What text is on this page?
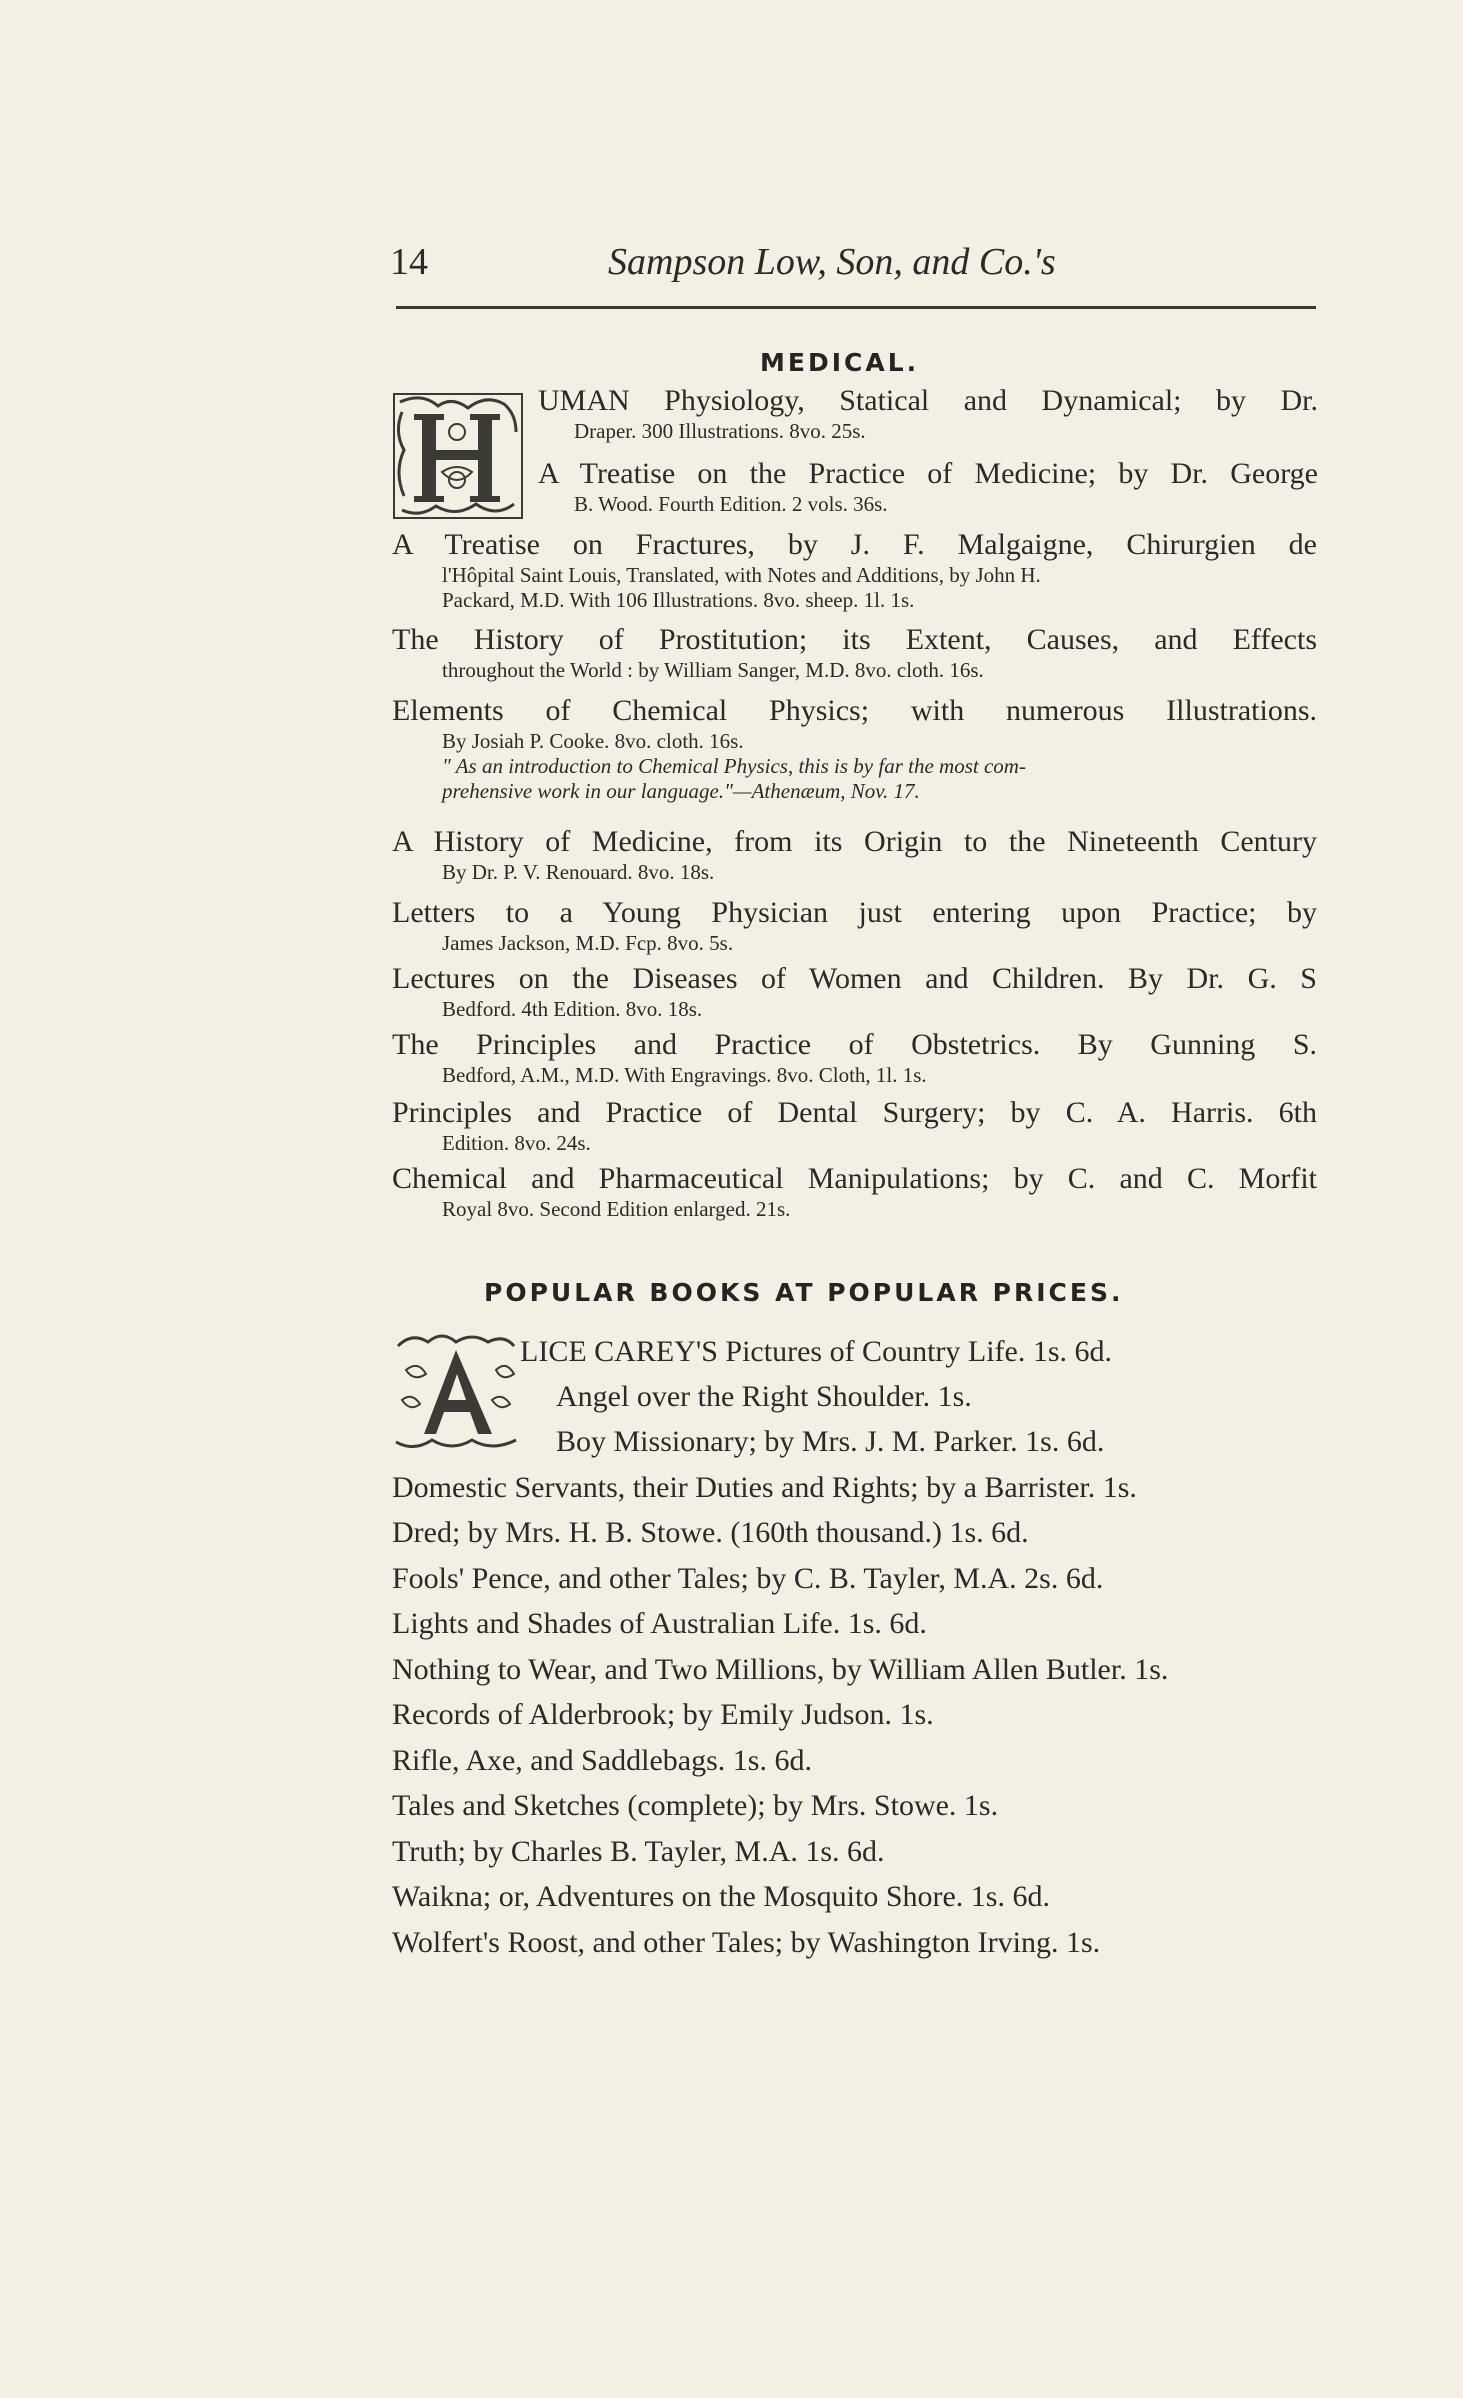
14	Sampson Low, Son, and Co.'s
MEDICAL.
UMAN Physiology, Statical and Dynamical; by Dr.
Draper. 300 Illustrations. 8vo. 25s.
A Treatise on the Practice of Medicine; by Dr. George
B. Wood. Fourth Edition. 2 vols. 36s.
A Treatise on Fractures, by J. F. Malgaigne, Chirurgien de
l'Hôpital Saint Louis, Translated, with Notes and Additions, by John H.
Packard, M.D. With 106 Illustrations. 8vo. sheep. 1l. 1s.
The History of Prostitution; its Extent, Causes, and Effects
throughout the World : by William Sanger, M.D. 8vo. cloth. 16s.
Elements of Chemical Physics; with numerous Illustrations.
By Josiah P. Cooke. 8vo. cloth. 16s.
" As an introduction to Chemical Physics, this is by far the most com-
prehensive work in our language."—Athenæum, Nov. 17.
A History of Medicine, from its Origin to the Nineteenth Century
By Dr. P. V. Renouard. 8vo. 18s.
Letters to a Young Physician just entering upon Practice; by
James Jackson, M.D. Fcp. 8vo. 5s.
Lectures on the Diseases of Women and Children. By Dr. G. S
Bedford. 4th Edition. 8vo. 18s.
The Principles and Practice of Obstetrics. By Gunning S.
Bedford, A.M., M.D. With Engravings. 8vo. Cloth, 1l. 1s.
Principles and Practice of Dental Surgery; by C. A. Harris. 6th
Edition. 8vo. 24s.
Chemical and Pharmaceutical Manipulations; by C. and C. Morfit
Royal 8vo. Second Edition enlarged. 21s.
POPULAR BOOKS AT POPULAR PRICES.
LICE CAREY'S Pictures of Country Life. 1s. 6d.
Angel over the Right Shoulder. 1s.
Boy Missionary; by Mrs. J. M. Parker. 1s. 6d.
Domestic Servants, their Duties and Rights; by a Barrister. 1s.
Dred; by Mrs. H. B. Stowe. (160th thousand.) 1s. 6d.
Fools' Pence, and other Tales; by C. B. Tayler, M.A. 2s. 6d.
Lights and Shades of Australian Life. 1s. 6d.
Nothing to Wear, and Two Millions, by William Allen Butler. 1s.
Records of Alderbrook; by Emily Judson. 1s.
Rifle, Axe, and Saddlebags. 1s. 6d.
Tales and Sketches (complete); by Mrs. Stowe. 1s.
Truth; by Charles B. Tayler, M.A. 1s. 6d.
Waikna; or, Adventures on the Mosquito Shore. 1s. 6d.
Wolfert's Roost, and other Tales; by Washington Irving. 1s.
